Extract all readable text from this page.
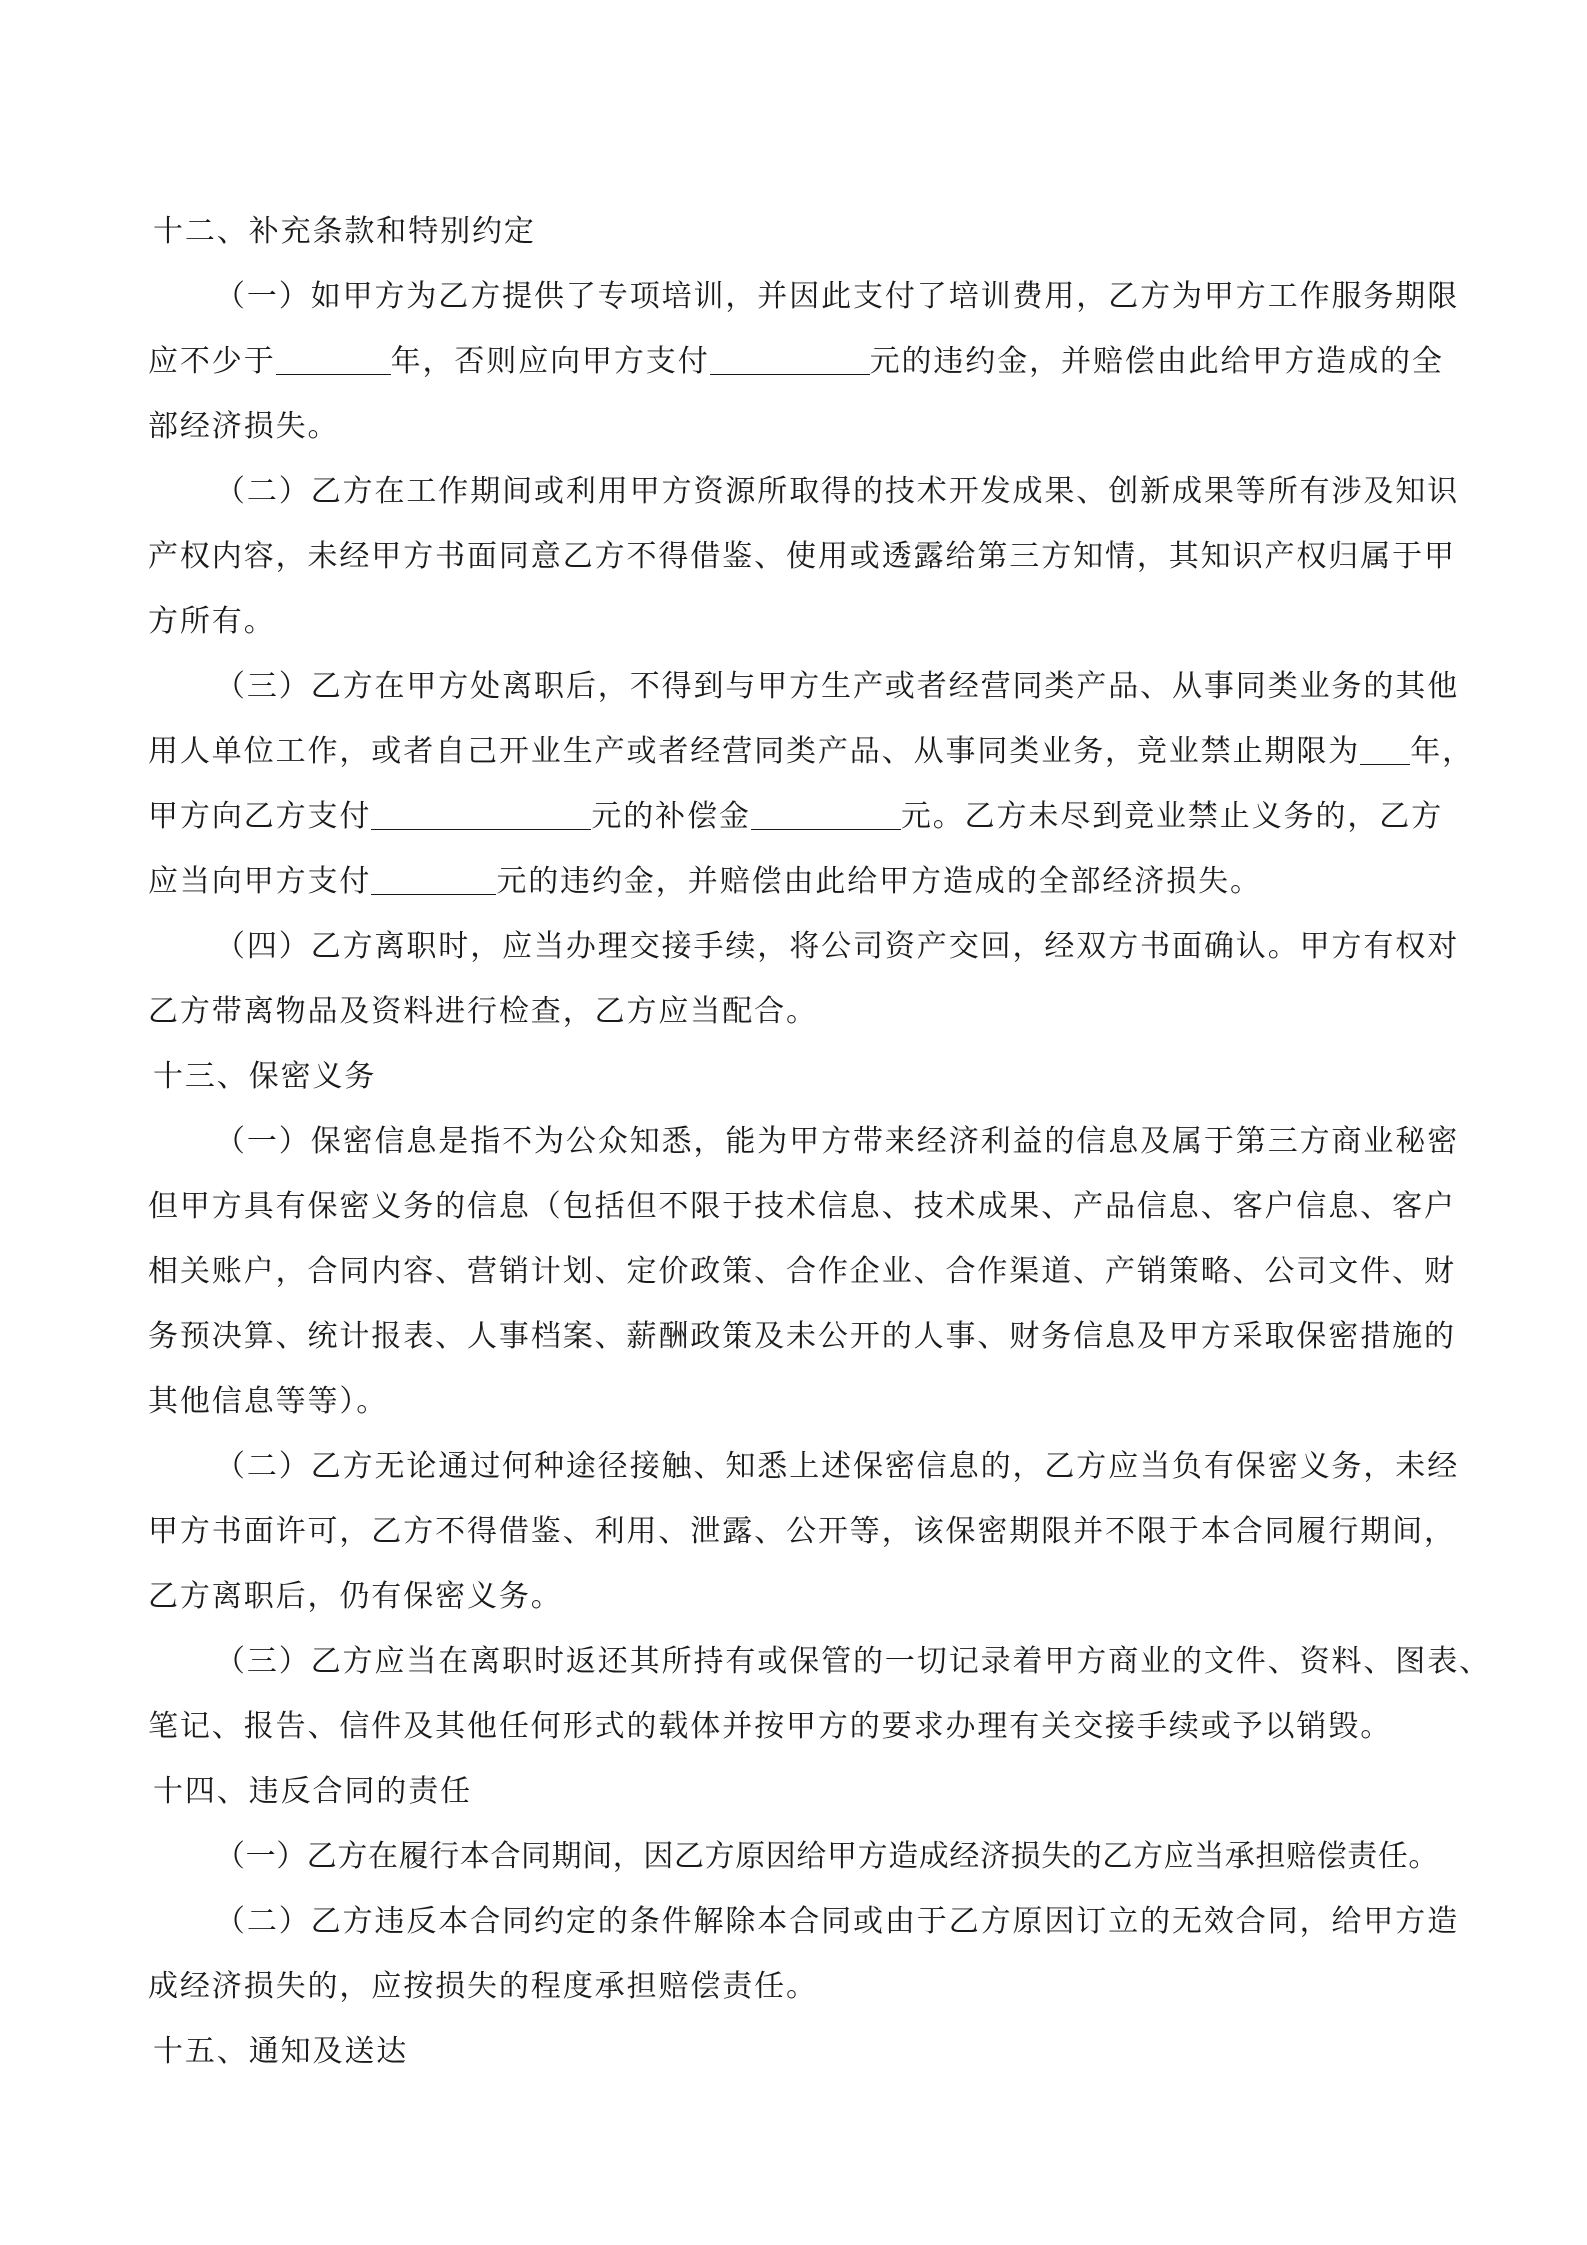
十二、补充条款和特别约定
（一）如甲方为乙方提供了专项培训，并因此支付了培训费用，乙方为甲方工作服务期限
应不少于	年，否则应向甲方支付	元的违约金，并赔偿由此给甲方造成的全
部经济损失。
（二）乙方在工作期间或利用甲方资源所取得的技术开发成果、创新成果等所有涉及知识
产权内容，未经甲方书面同意乙方不得借鉴、使用或透露给第三方知情，其知识产权归属于甲
方所有。
（三）乙方在甲方处离职后，不得到与甲方生产或者经营同类产品、从事同类业务的其他
用人单位工作，或者自己开业生产或者经营同类产品、从事同类业务，竞业禁止期限为 年，
甲方向乙方支付	元的补偿金	元。乙方未尽到竞业禁止义务的，乙方
应当向甲方支付	元的违约金，并赔偿由此给甲方造成的全部经济损失。
（四）乙方离职时，应当办理交接手续，将公司资产交回，经双方书面确认。甲方有权对
乙方带离物品及资料进行检查，乙方应当配合。
十三、保密义务
（一）保密信息是指不为公众知悉，能为甲方带来经济利益的信息及属于第三方商业秘密
但甲方具有保密义务的信息（包括但不限于技术信息、技术成果、产品信息、客户信息、客户
相关账户，合同内容、营销计划、定价政策、合作企业、合作渠道、产销策略、公司文件、财
务预决算、统计报表、人事档案、薪酬政策及未公开的人事、财务信息及甲方采取保密措施的
其他信息等等）。
（二）乙方无论通过何种途径接触、知悉上述保密信息的，乙方应当负有保密义务，未经
甲方书面许可，乙方不得借鉴、利用、泄露、公开等，该保密期限并不限于本合同履行期间，
乙方离职后，仍有保密义务。
（三）乙方应当在离职时返还其所持有或保管的一切记录着甲方商业的文件、资料、图表、
笔记、报告、信件及其他任何形式的载体并按甲方的要求办理有关交接手续或予以销毁。
十四、违反合同的责任
（一）乙方在履行本合同期间，因乙方原因给甲方造成经济损失的乙方应当承担赔偿责任。
（二）乙方违反本合同约定的条件解除本合同或由于乙方原因订立的无效合同，给甲方造
成经济损失的，应按损失的程度承担赔偿责任。
十五、通知及送达
